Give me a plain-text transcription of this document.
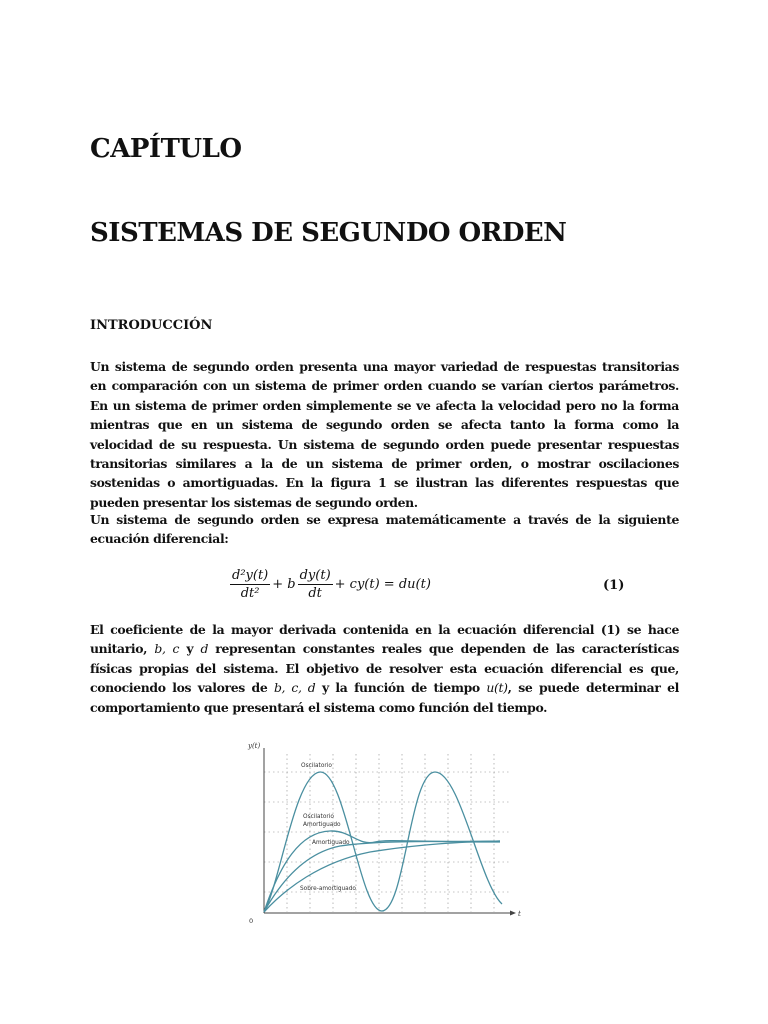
CAPÍTULO
SISTEMAS DE SEGUNDO ORDEN
INTRODUCCIÓN

Un sistema de segundo orden presenta una mayor variedad de respuestas transitorias en comparación con un sistema de primer orden cuando se varían ciertos parámetros. En un sistema de primer orden simplemente se ve afecta la velocidad pero no la forma mientras que en un sistema de segundo orden se afecta tanto la forma como la velocidad de su respuesta. Un sistema de segundo orden puede presentar respuestas transitorias similares a la de un sistema de primer orden, o mostrar oscilaciones sostenidas o amortiguadas. En la figura 1 se ilustran las diferentes respuestas que pueden presentar los sistemas de segundo orden.

Un sistema de segundo orden se expresa matemáticamente a través de la siguiente ecuación diferencial:

$\frac{\text{d²y(t)}}{\text{dt²}} + b \frac{dy(t)}{dt} + cy(t) = du(t)$	(1)

El coeficiente de la mayor derivada contenida en la ecuación diferencial (1) se hace unitario, b, c y d representan constantes reales que dependen de las características físicas propias del sistema. El objetivo de resolver esta ecuación diferencial es que, conociendo los valores de b, c, d y la función de tiempo u(t), se puede determinar el comportamiento que presentará el sistema como función del tiempo.

y(t)
t
0
Oscilatorio
Oscilatorio
Amortiguado
Amortiguado
Sobre-amortiguado
